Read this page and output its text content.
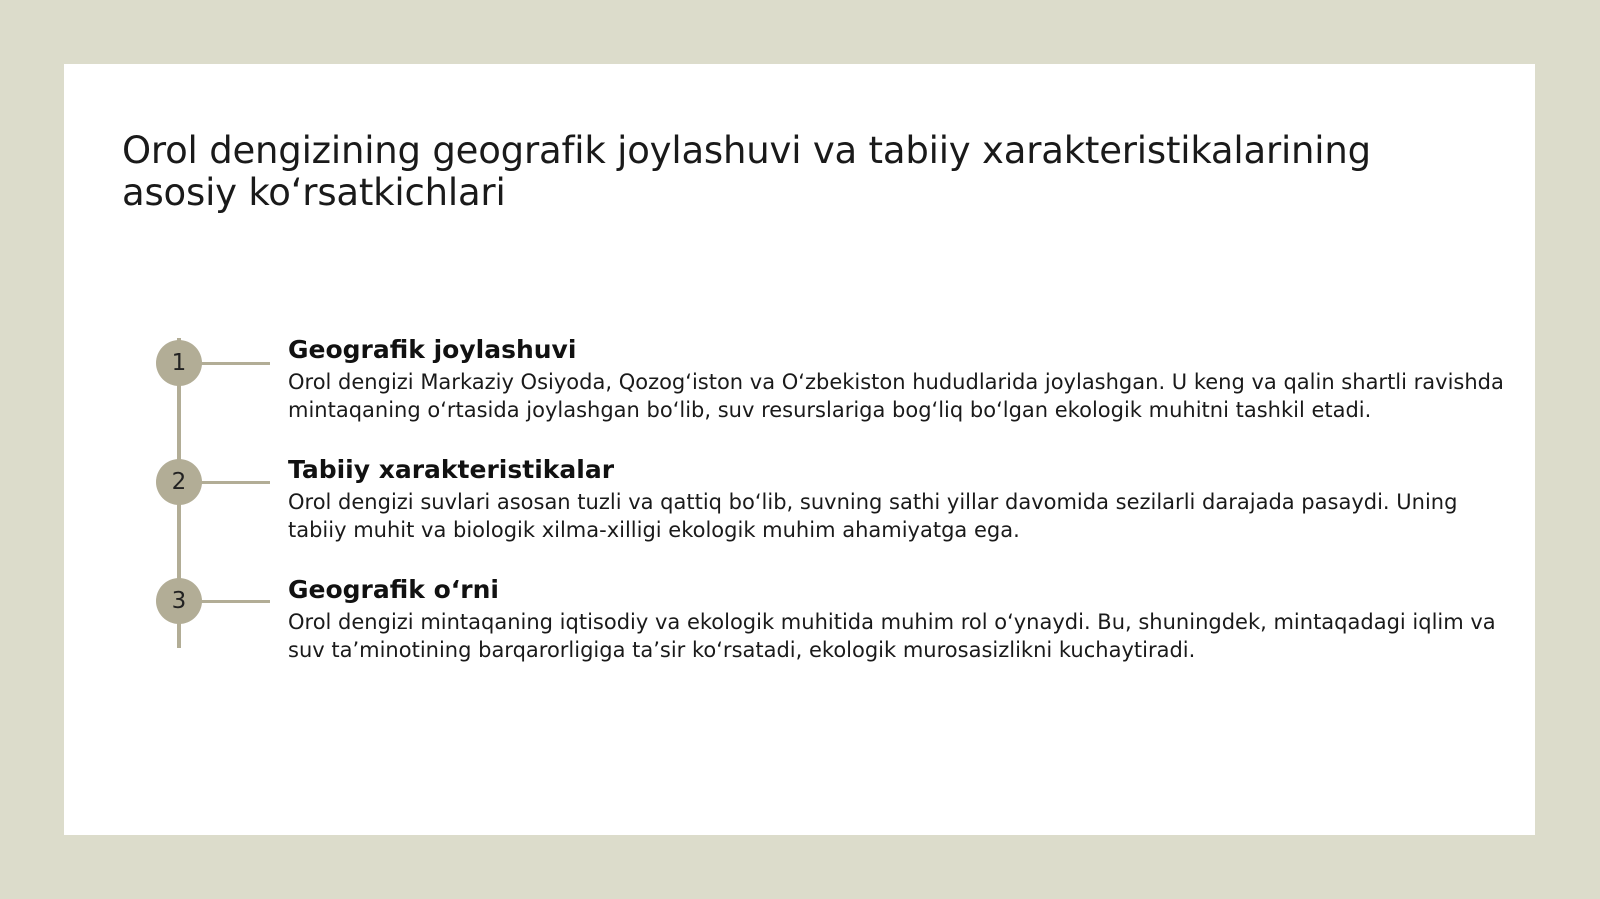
Orol dengizining geografik joylashuvi va tabiiy xarakteristikalarining asosiy ko‘rsatkichlari
1	Geografik joylashuvi

Orol dengizi Markaziy Osiyoda, Qozog‘iston va O‘zbekiston hududlarida joylashgan. U keng va qalin shartli ravishda mintaqaning o‘rtasida joylashgan bo‘lib, suv resurslariga bog‘liq bo‘lgan ekologik muhitni tashkil etadi.

2	Tabiiy xarakteristikalar

Orol dengizi suvlari asosan tuzli va qattiq bo‘lib, suvning sathi yillar davomida sezilarli darajada pasaydi. Uning tabiiy muhit va biologik xilma-xilligi ekologik muhim ahamiyatga ega.

3	Geografik o‘rni

Orol dengizi mintaqaning iqtisodiy va ekologik muhitida muhim rol o‘ynaydi. Bu, shuningdek, mintaqadagi iqlim va suv ta’minotining barqarorligiga ta’sir ko‘rsatadi, ekologik murosasizlikni kuchaytiradi.
